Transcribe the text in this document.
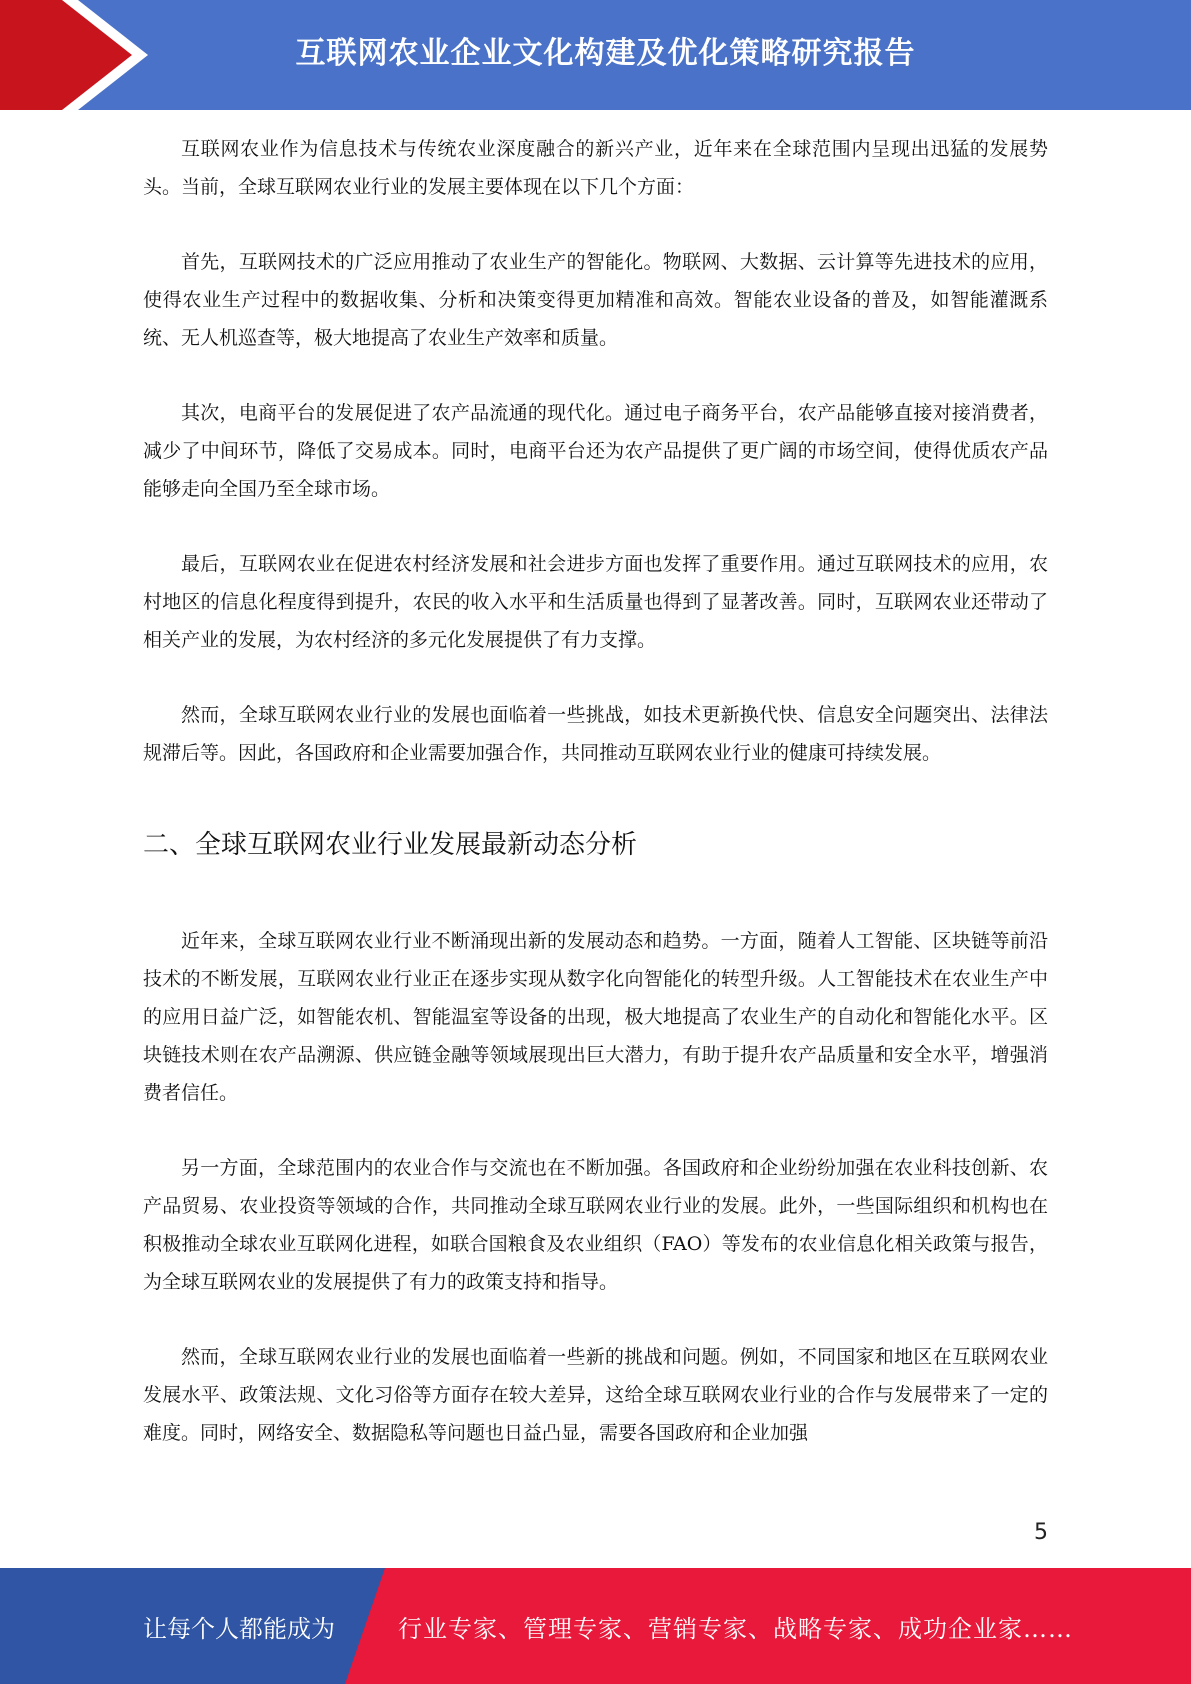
互联网农业企业文化构建及优化策略研究报告

互联网农业作为信息技术与传统农业深度融合的新兴产业，近年来在全球范围内呈现出迅猛的发展势头。当前，全球互联网农业行业的发展主要体现在以下几个方面：

首先，互联网技术的广泛应用推动了农业生产的智能化。物联网、大数据、云计算等先进技术的应用，使得农业生产过程中的数据收集、分析和决策变得更加精准和高效。智能农业设备的普及，如智能灌溉系统、无人机巡查等，极大地提高了农业生产效率和质量。

其次，电商平台的发展促进了农产品流通的现代化。通过电子商务平台，农产品能够直接对接消费者，减少了中间环节，降低了交易成本。同时，电商平台还为农产品提供了更广阔的市场空间，使得优质农产品能够走向全国乃至全球市场。

最后，互联网农业在促进农村经济发展和社会进步方面也发挥了重要作用。通过互联网技术的应用，农村地区的信息化程度得到提升，农民的收入水平和生活质量也得到了显著改善。同时，互联网农业还带动了相关产业的发展，为农村经济的多元化发展提供了有力支撑。

然而，全球互联网农业行业的发展也面临着一些挑战，如技术更新换代快、信息安全问题突出、法律法规滞后等。因此，各国政府和企业需要加强合作，共同推动互联网农业行业的健康可持续发展。

二、全球互联网农业行业发展最新动态分析

近年来，全球互联网农业行业不断涌现出新的发展动态和趋势。一方面，随着人工智能、区块链等前沿技术的不断发展，互联网农业行业正在逐步实现从数字化向智能化的转型升级。人工智能技术在农业生产中的应用日益广泛，如智能农机、智能温室等设备的出现，极大地提高了农业生产的自动化和智能化水平。区块链技术则在农产品溯源、供应链金融等领域展现出巨大潜力，有助于提升农产品质量和安全水平，增强消费者信任。

另一方面，全球范围内的农业合作与交流也在不断加强。各国政府和企业纷纷加强在农业科技创新、农产品贸易、农业投资等领域的合作，共同推动全球互联网农业行业的发展。此外，一些国际组织和机构也在积极推动全球农业互联网化进程，如联合国粮食及农业组织（FAO）等发布的农业信息化相关政策与报告，为全球互联网农业的发展提供了有力的政策支持和指导。

然而，全球互联网农业行业的发展也面临着一些新的挑战和问题。例如，不同国家和地区在互联网农业发展水平、政策法规、文化习俗等方面存在较大差异，这给全球互联网农业行业的合作与发展带来了一定的难度。同时，网络安全、数据隐私等问题也日益凸显，需要各国政府和企业加强

5
让每个人都能成为	行业专家、管理专家、营销专家、战略专家、成功企业家……
